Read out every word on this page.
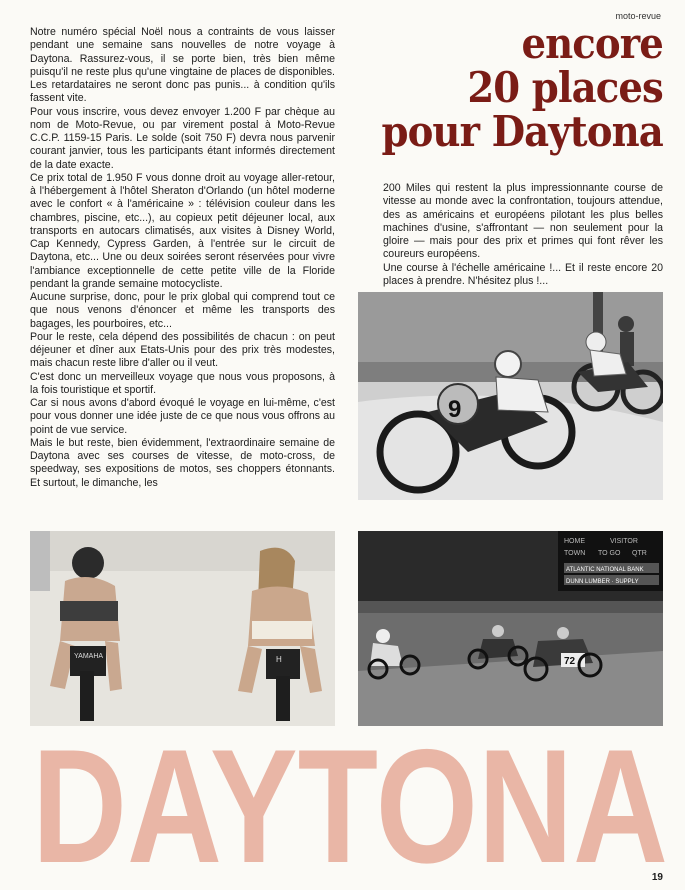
moto-revue
encore
20 places
pour Daytona

Notre numéro spécial Noël nous a contraints de vous laisser pendant une semaine sans nouvelles de notre voyage à Daytona. Rassurez-vous, il se porte bien, très bien même puisqu'il ne reste plus qu'une vingtaine de places de disponibles. Les retardataires ne seront donc pas punis... à condition qu'ils fassent vite.

Pour vous inscrire, vous devez envoyer 1.200 F par chèque au nom de Moto-Revue, ou par virement postal à Moto-Revue C.C.P. 1159-15 Paris. Le solde (soit 750 F) devra nous parvenir courant janvier, tous les participants étant informés directement de la date exacte.

Ce prix total de 1.950 F vous donne droit au voyage aller-retour, à l'hébergement à l'hôtel Sheraton d'Orlando (un hôtel moderne avec le confort « à l'américaine » : télévision couleur dans les chambres, piscine, etc...), au copieux petit déjeuner local, aux transports en autocars climatisés, aux visites à Disney World, Cap Kennedy, Cypress Garden, à l'entrée sur le circuit de Daytona, etc... Une ou deux soirées seront réservées pour vivre l'ambiance exceptionnelle de cette petite ville de la Floride pendant la grande semaine motocycliste.

Aucune surprise, donc, pour le prix global qui comprend tout ce que nous venons d'énoncer et même les transports des bagages, les pourboires, etc...

Pour le reste, cela dépend des possibilités de chacun : on peut déjeuner et dîner aux Etats-Unis pour des prix très modestes, mais chacun reste libre d'aller ou il veut.

C'est donc un merveilleux voyage que nous vous proposons, à la fois touristique et sportif.

Car si nous avons d'abord évoqué le voyage en lui-même, c'est pour vous donner une idée juste de ce que nous vous offrons au point de vue service.

Mais le but reste, bien évidemment, l'extraordinaire semaine de Daytona avec ses courses de vitesse, de moto-cross, de speedway, ses expositions de motos, ses choppers étonnants. Et surtout, le dimanche, les

200 Miles qui restent la plus impressionnante course de vitesse au monde avec la confrontation, toujours attendue, des as américains et européens pilotant les plus belles machines d'usine, s'affrontant — non seulement pour la gloire — mais pour des prix et primes qui font rêver les coureurs européens.

Une course à l'échelle américaine !... Et il reste encore 20 places à prendre. N'hésitez plus !...

9
YAMAHA	H
HOME	VISITOR
TOWN TO GO QTR
ATLANTIC NATIONAL BANK
DUNN LUMBER · SUPPLY
72
DAYTONA
19
